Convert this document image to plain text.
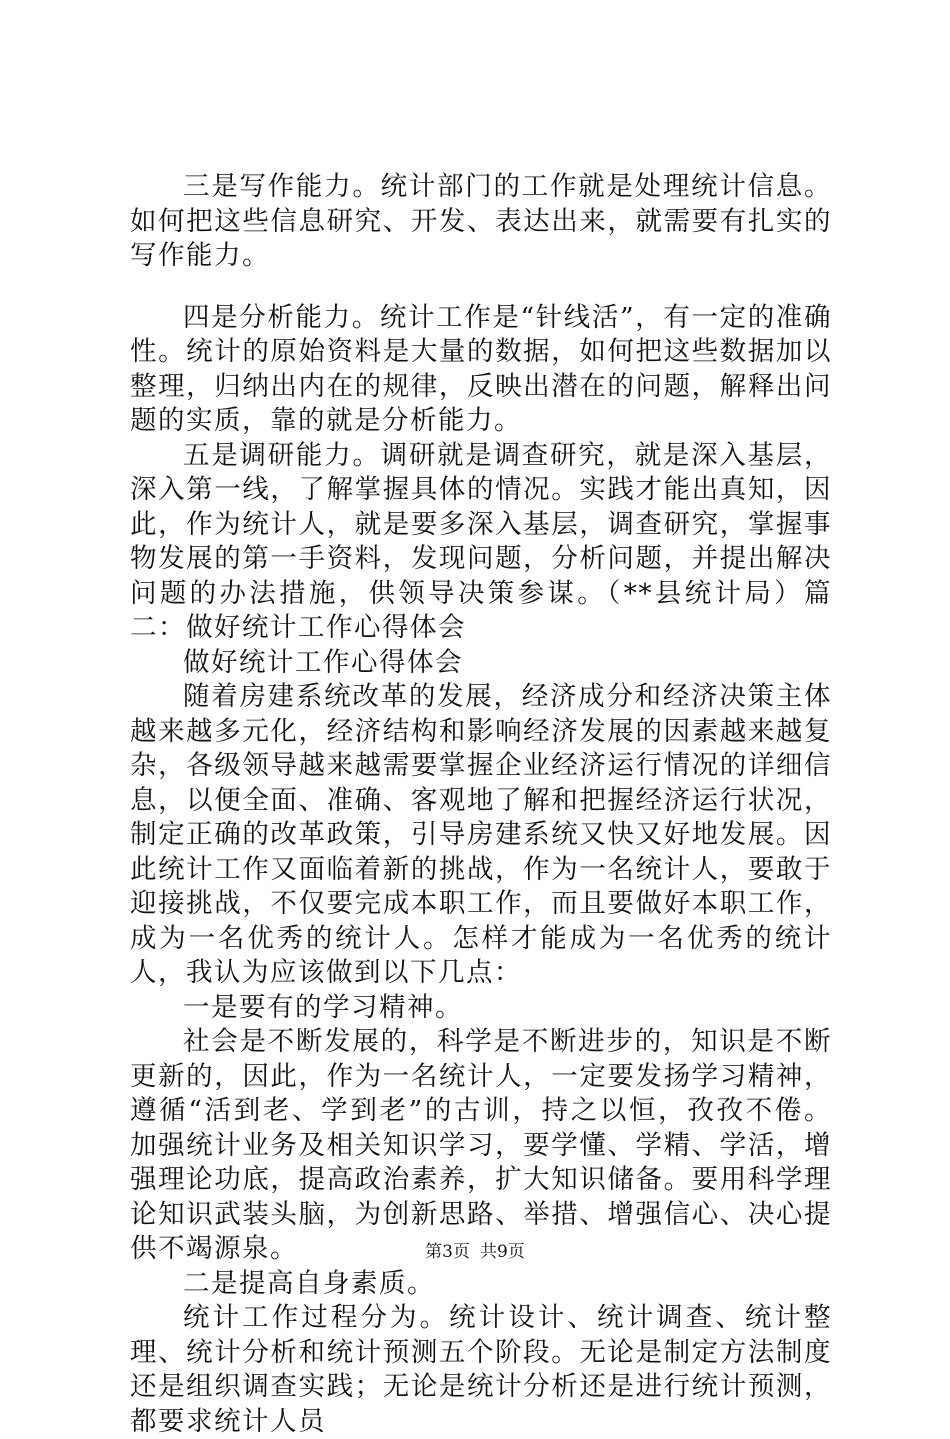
三是写作能力。统计部门的工作就是处理统计信息。如何把这些信息研究、开发、表达出来，就需要有扎实的写作能力。

四是分析能力。统计工作是“针线活”，有一定的准确性。统计的原始资料是大量的数据，如何把这些数据加以整理，归纳出内在的规律，反映出潜在的问题，解释出问题的实质，靠的就是分析能力。

五是调研能力。调研就是调查研究，就是深入基层，深入第一线，了解掌握具体的情况。实践才能出真知，因此，作为统计人，就是要多深入基层，调查研究，掌握事物发展的第一手资料，发现问题，分析问题，并提出解决问题的办法措施，供领导决策参谋。（**县统计局）篇二：做好统计工作心得体会

做好统计工作心得体会

随着房建系统改革的发展，经济成分和经济决策主体越来越多元化，经济结构和影响经济发展的因素越来越复杂，各级领导越来越需要掌握企业经济运行情况的详细信息，以便全面、准确、客观地了解和把握经济运行状况，制定正确的改革政策，引导房建系统又快又好地发展。因此统计工作又面临着新的挑战，作为一名统计人，要敢于迎接挑战，不仅要完成本职工作，而且要做好本职工作，成为一名优秀的统计人。怎样才能成为一名优秀的统计人，我认为应该做到以下几点：

一是要有的学习精神。

社会是不断发展的，科学是不断进步的，知识是不断更新的，因此，作为一名统计人，一定要发扬学习精神，遵循“活到老、学到老”的古训，持之以恒，孜孜不倦。加强统计业务及相关知识学习，要学懂、学精、学活，增强理论功底，提高政治素养，扩大知识储备。要用科学理论知识武装头脑，为创新思路、举措、增强信心、决心提供不竭源泉。

二是提高自身素质。

统计工作过程分为。统计设计、统计调查、统计整理、统计分析和统计预测五个阶段。无论是制定方法制度还是组织调查实践；无论是统计分析还是进行统计预测，都要求统计人员

第3页 共9页
